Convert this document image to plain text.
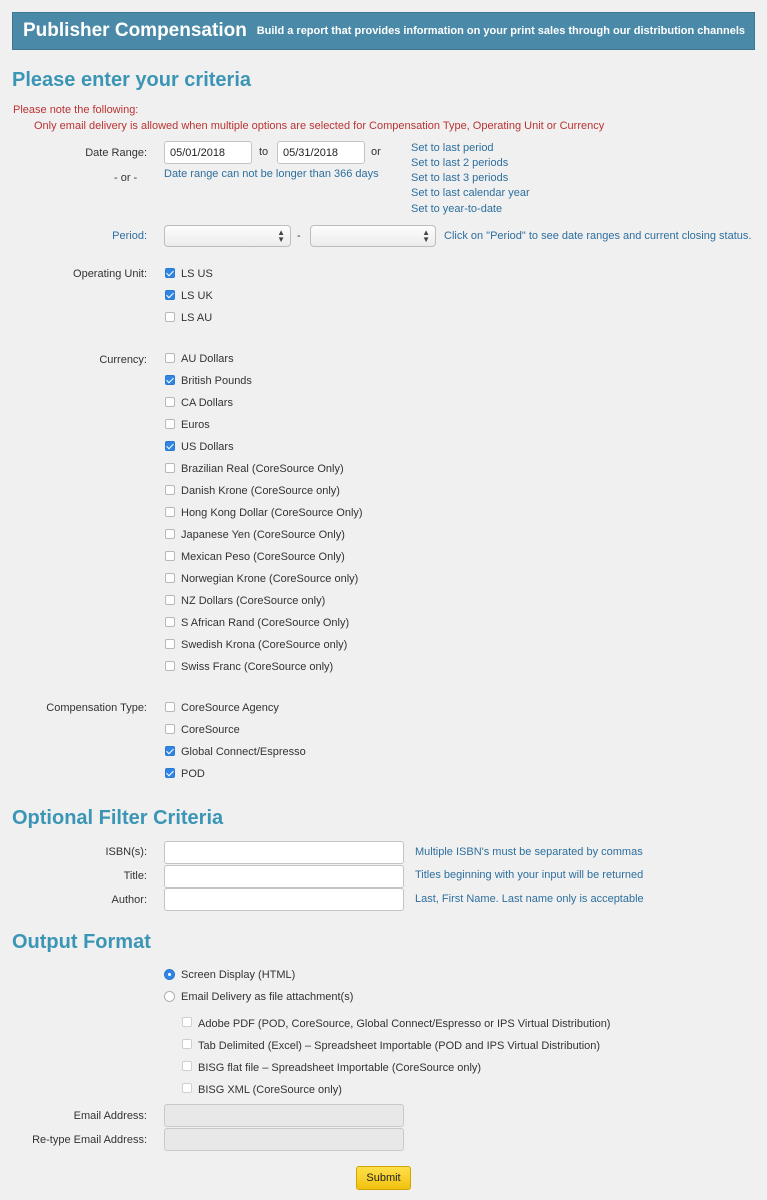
Publisher Compensation Build a report that provides information on your print sales through our distribution channels
Please enter your criteria
Please note the following:
Only email delivery is allowed when multiple options are selected for Compensation Type, Operating Unit or Currency
Date Range:
05/01/2018	to
05/31/2018	or
- or - Date range can not be longer than 366 days
Set to last period
Set to last 2 periods
Set to last 3 periods
Set to last calendar year
Set to year-to-date
Period:	▲
▼ -	▲
▼ Click on "Period" to see date ranges and current closing status.
Operating Unit:	LS US
LS UK
LS AU
Currency:	AU Dollars
British Pounds
CA Dollars
Euros
US Dollars
Brazilian Real (CoreSource Only)
Danish Krone (CoreSource only)
Hong Kong Dollar (CoreSource Only)
Japanese Yen (CoreSource Only)
Mexican Peso (CoreSource Only)
Norwegian Krone (CoreSource only)
NZ Dollars (CoreSource only)
S African Rand (CoreSource Only)
Swedish Krona (CoreSource only)
Swiss Franc (CoreSource only)
Compensation Type:	CoreSource Agency
CoreSource
Global Connect/Espresso
POD
Optional Filter Criteria
ISBN(s):	Multiple ISBN's must be separated by commas
Title:	Titles beginning with your input will be returned
Author:	Last, First Name. Last name only is acceptable
Output Format
Screen Display (HTML)
Email Delivery as file attachment(s)
Adobe PDF (POD, CoreSource, Global Connect/Espresso or IPS Virtual Distribution)
Tab Delimited (Excel) – Spreadsheet Importable (POD and IPS Virtual Distribution)
BISG flat file – Spreadsheet Importable (CoreSource only)
BISG XML (CoreSource only)
Email Address:
Re-type Email Address:
Submit
